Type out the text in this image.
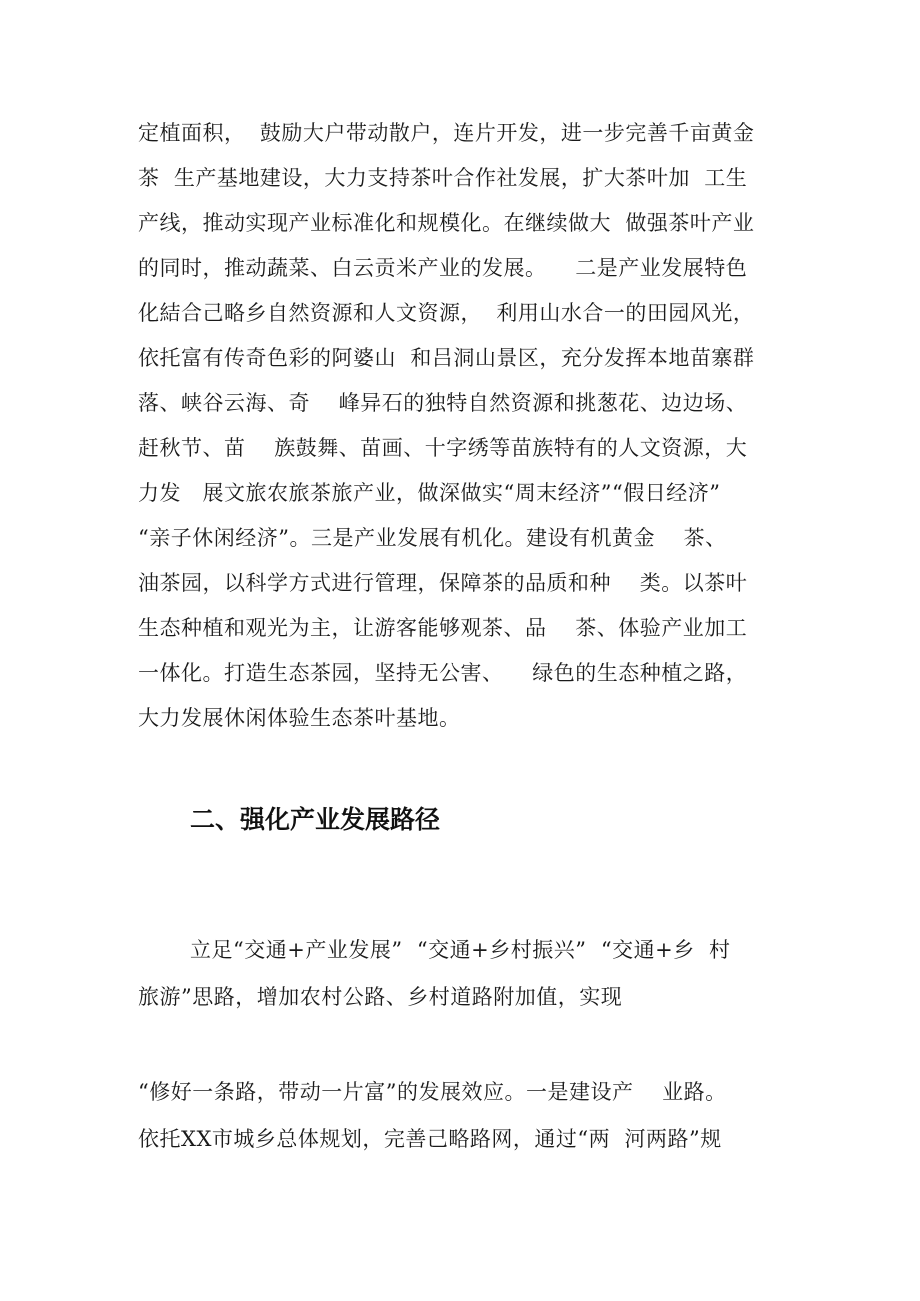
定植面积，  鼓励大户带动散户，连片开发，进一步完善千亩黄金
茶  生产基地建设，大力支持茶叶合作社发展，扩大茶叶加  工生
产线，推动实现产业标准化和规模化。在继续做大  做强茶叶产业
的同时，推动蔬菜、白云贡米产业的发展。    二是产业发展特色
化結合己略乡自然资源和人文资源，  利用山水合一的田园风光，
依托富有传奇色彩的阿婆山  和吕洞山景区，充分发挥本地苗寨群
落、峡谷云海、奇    峰异石的独特自然资源和挑葱花、边边场、
赶秋节、苗    族鼓舞、苗画、十字绣等苗族特有的人文资源，大
力发   展文旅农旅茶旅产业，做深做实“周末经济”“假日经济”
“亲子休闲经济”。三是产业发展有机化。建设有机黄金    茶、
油茶园，以科学方式进行管理，保障茶的品质和种    类。以茶叶
生态种植和观光为主，让游客能够观茶、品    茶、体验产业加工
一体化。打造生态茶园，坚持无公害、    绿色的生态种植之路，
大力发展休闲体验生态茶叶基地。
二、强化产业发展路径
立足“交通+产业发展”  “交通+乡村振兴”  “交通+乡  村
旅游”思路，增加农村公路、乡村道路附加值，实现
“修好一条路，带动一片富”的发展效应。一是建设产    业路。
依托XX市城乡总体规划，完善己略路网，通过“两  河两路”规
